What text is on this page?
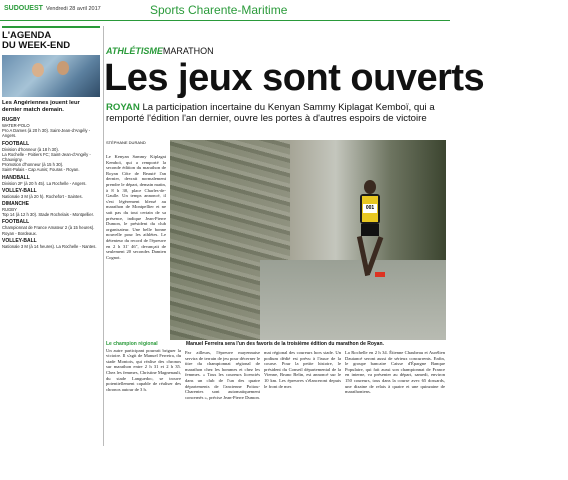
SUDOUEST Vendredi 28 avril 2017	Sports Charente-Maritime
L'AGENDA
DU WEEK-END
Les Angériennes jouent leur dernier match demain.
RUGBY
WATER-POLO
Pro A Dames (à 20 h 30). Saint-Jean-d'Angély - Angers.
FOOTBALL
Division d'honneur (à 18 h 30).
La Rochelle - Poitiers FC; Saint-Jean-d'Angély - Chauvigny.
Promotion d'honneur (à 15 h 30).
Saint-Palais - Cap Aunis; Fouras - Royan.
HANDBALL
Division 2F (à 20 h 45). La Rochelle - Angers.
VOLLEY-BALL
Nationale 3 M (à 20 h). Rochefort - Saintes.
DIMANCHE
RUGBY
Top 14 (à 12 h 30). Stade Rochelais - Montpellier.
FOOTBALL
Championnat de France Amateur 2 (à 15 heures). Royan - Bordeaux.
VOLLEY-BALL
Nationale 3 M (à 14 heures). La Rochelle - Nantes.
ATHLÉTISMEMARATHON
Les jeux sont ouverts
ROYAN La participation incertaine du Kenyan Sammy Kiplagat Kemboï, qui a remporté l'édition l'an dernier, ouvre les portes à d'autres espoirs de victoire
STÉPHANE DURAND
Le Kenyan Sammy Kiplagat Kemboï, qui a remporté la seconde édition du marathon de Royan Côte de Beauté l'an dernier, devrait normalement prendre le départ, demain matin, à 8 h 30, place Charles-de-Gaulle. Un temps annoncé, il s'est légèrement blessé au marathon de Montpellier et ne sait pas du tout certain de sa présence, indique Jean-Pierre Dumon, le président du club organisateur. Une belle bonne nouvelle pour les athlètes. Le détenteur du record de l'épreuve en 2 h 31' 46", devançait de seulement 20 secondes Damien Cognot.
Le champion régional
Un autre participant pourrait briguer la victoire. Il s'agit de Manuel Ferreira, du stade Montois, qui réalise des chronos sur marathon entre 2 h 31 et 2 h 35. Chez les femmes, Christine Magnenault, du stade Languedoc, se trouve potentiellement capable de réaliser des chronos autour de 3 h.
Par ailleurs, l'épreuve mayennaise servira de terrain de jeu pour décerner le titre du championnat régional de marathon chez les hommes et chez les femmes. « Tous les coureurs licenciés dans un club de l'un des quatre départements de l'ancienne Poitou-Charentes sont automatiquement concernés », précise Jean-Pierre Dumon.
mat régional des coureurs hors stade. Un podium dédié est prévu à l'issue de la course. Pour la petite histoire, le président du Conseil départemental de la Vienne, Bruno Belin, est annoncé sur le 10 km. Les épreuves s'élanceront depuis le front de mer.
La Rochelle en 2 h 34. Étienne Chaubeau et Aurélien Dautancé seront aussi de sérieux concurrents. Enfin, le groupe bancaire Caisse d'Épargne Banque Populaire, qui fait aussi son championnat de France en interne, va présenter au départ, samedi, environ 150 coureurs, tous dans la course avec 65 dossards, une dizaine de relais à quatre et une quinzaine de marathoniens.
001
ARCHIVES S. D.
Manuel Ferreira sera l'un des favoris de la troisième édition du marathon de Royan.
